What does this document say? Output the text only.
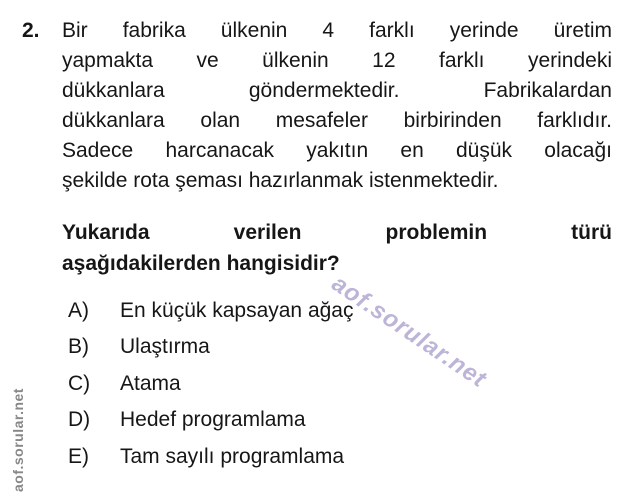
aof.sorular.net
aof.sorular.net
2. Bir fabrika ülkenin 4 farklı yerinde üretim
yapmakta ve ülkenin 12 farklı yerindeki
dükkanlara göndermektedir. Fabrikalardan
dükkanlara olan mesafeler birbirinden farklıdır.
Sadece harcanacak yakıtın en düşük olacağı
şekilde rota şeması hazırlanmak istenmektedir.
Yukarıda verilen problemin türü
aşağıdakilerden hangisidir?
A)	En küçük kapsayan ağaç
B)	Ulaştırma
C)	Atama
D)	Hedef programlama
E)	Tam sayılı programlama
